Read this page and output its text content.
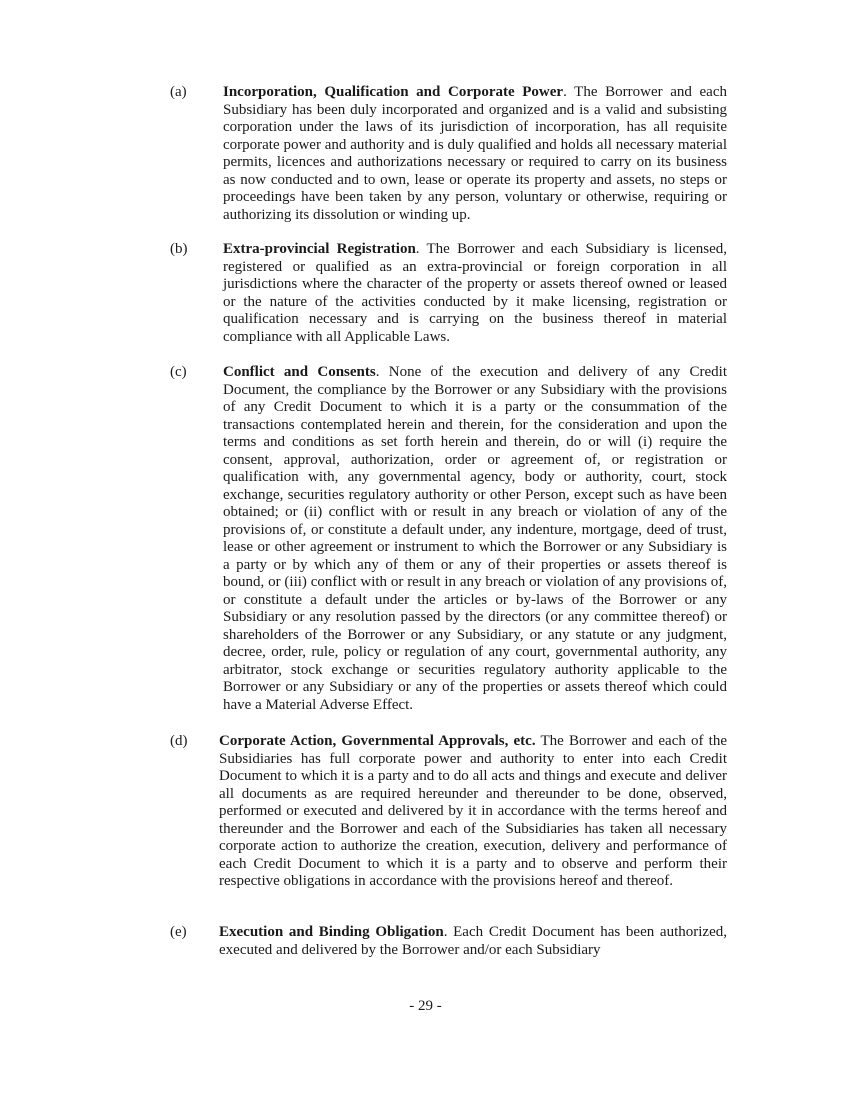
(a) Incorporation, Qualification and Corporate Power. The Borrower and each Subsidiary has been duly incorporated and organized and is a valid and subsisting corporation under the laws of its jurisdiction of incorporation, has all requisite corporate power and authority and is duly qualified and holds all necessary material permits, licences and authorizations necessary or required to carry on its business as now conducted and to own, lease or operate its property and assets, no steps or proceedings have been taken by any person, voluntary or otherwise, requiring or authorizing its dissolution or winding up.
(b) Extra-provincial Registration. The Borrower and each Subsidiary is licensed, registered or qualified as an extra-provincial or foreign corporation in all jurisdictions where the character of the property or assets thereof owned or leased or the nature of the activities conducted by it make licensing, registration or qualification necessary and is carrying on the business thereof in material compliance with all Applicable Laws.
(c) Conflict and Consents. None of the execution and delivery of any Credit Document, the compliance by the Borrower or any Subsidiary with the provisions of any Credit Document to which it is a party or the consummation of the transactions contemplated herein and therein, for the consideration and upon the terms and conditions as set forth herein and therein, do or will (i) require the consent, approval, authorization, order or agreement of, or registration or qualification with, any governmental agency, body or authority, court, stock exchange, securities regulatory authority or other Person, except such as have been obtained; or (ii) conflict with or result in any breach or violation of any of the provisions of, or constitute a default under, any indenture, mortgage, deed of trust, lease or other agreement or instrument to which the Borrower or any Subsidiary is a party or by which any of them or any of their properties or assets thereof is bound, or (iii) conflict with or result in any breach or violation of any provisions of, or constitute a default under the articles or by-laws of the Borrower or any Subsidiary or any resolution passed by the directors (or any committee thereof) or shareholders of the Borrower or any Subsidiary, or any statute or any judgment, decree, order, rule, policy or regulation of any court, governmental authority, any arbitrator, stock exchange or securities regulatory authority applicable to the Borrower or any Subsidiary or any of the properties or assets thereof which could have a Material Adverse Effect.
(d) Corporate Action, Governmental Approvals, etc. The Borrower and each of the Subsidiaries has full corporate power and authority to enter into each Credit Document to which it is a party and to do all acts and things and execute and deliver all documents as are required hereunder and thereunder to be done, observed, performed or executed and delivered by it in accordance with the terms hereof and thereunder and the Borrower and each of the Subsidiaries has taken all necessary corporate action to authorize the creation, execution, delivery and performance of each Credit Document to which it is a party and to observe and perform their respective obligations in accordance with the provisions hereof and thereof.
(e) Execution and Binding Obligation. Each Credit Document has been authorized, executed and delivered by the Borrower and/or each Subsidiary
- 29 -
